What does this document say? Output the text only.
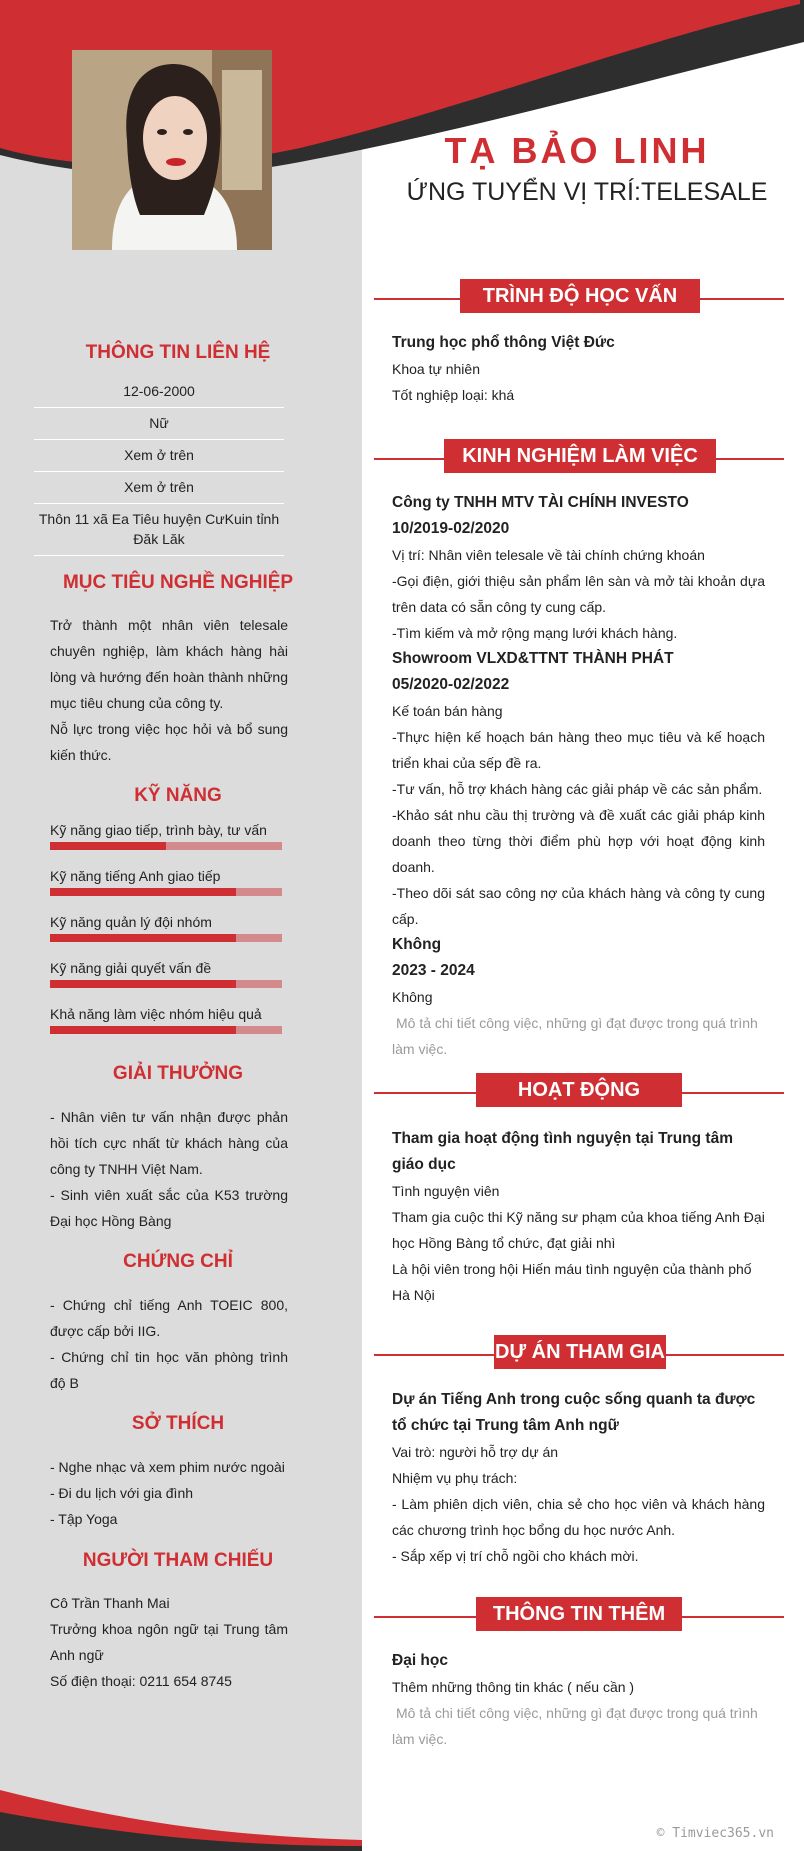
TẠ BẢO LINH
ỨNG TUYỂN VỊ TRÍ:TELESALE
THÔNG TIN LIÊN HỆ
12-06-2000
Nữ
Xem ở trên
Xem ở trên
Thôn 11 xã Ea Tiêu huyện CưKuin tỉnh Đăk Lăk
MỤC TIÊU NGHỀ NGHIỆP

Trở thành một nhân viên telesale chuyên nghiệp, làm khách hàng hài lòng và hướng đến hoàn thành những mục tiêu chung của công ty.

Nỗ lực trong việc học hỏi và bổ sung kiến thức.

KỸ NĂNG
Kỹ năng giao tiếp, trình bày, tư vấn
Kỹ năng tiếng Anh giao tiếp
Kỹ năng quản lý đội nhóm
Kỹ năng giải quyết vấn đề
Khả năng làm việc nhóm hiệu quả
GIẢI THƯỞNG

- Nhân viên tư vấn nhận được phản hồi tích cực nhất từ khách hàng của công ty TNHH Việt Nam.

- Sinh viên xuất sắc của K53 trường Đại học Hồng Bàng

CHỨNG CHỈ

- Chứng chỉ tiếng Anh TOEIC 800, được cấp bởi IIG.

- Chứng chỉ tin học văn phòng trình độ B

SỞ THÍCH

- Nghe nhạc và xem phim nước ngoài

- Đi du lịch với gia đình

- Tập Yoga

NGƯỜI THAM CHIẾU

Cô Trần Thanh Mai

Trưởng khoa ngôn ngữ tại Trung tâm Anh ngữ

Số điện thoại: 0211 654 8745

TRÌNH ĐỘ HỌC VẤN

Trung học phổ thông Việt Đức

Khoa tự nhiên

Tốt nghiệp loại: khá

KINH NGHIỆM LÀM VIỆC

Công ty TNHH MTV TÀI CHÍNH INVESTO

10/2019-02/2020

Vị trí: Nhân viên telesale về tài chính chứng khoán

-Gọi điện, giới thiệu sản phẩm lên sàn và mở tài khoản dựa trên data có sẵn công ty cung cấp.

-Tìm kiếm và mở rộng mạng lưới khách hàng.

Showroom VLXD&TTNT THÀNH PHÁT

05/2020-02/2022

Kế toán bán hàng

-Thực hiện kế hoạch bán hàng theo mục tiêu và kế hoạch triển khai của sếp đề ra.

-Tư vấn, hỗ trợ khách hàng các giải pháp về các sản phẩm.

-Khảo sát nhu cầu thị trường và đề xuất các giải pháp kinh doanh theo từng thời điểm phù hợp với hoạt động kinh doanh.

-Theo dõi sát sao công nợ của khách hàng và công ty cung cấp.

Không

2023 - 2024

Không

Mô tả chi tiết công việc, những gì đạt được trong quá trình làm việc.

HOẠT ĐỘNG

Tham gia hoạt động tình nguyện tại Trung tâm giáo dục

Tình nguyện viên

Tham gia cuộc thi Kỹ năng sư phạm của khoa tiếng Anh Đại học Hồng Bàng tổ chức, đạt giải nhì

Là hội viên trong hội Hiến máu tình nguyện của thành phố Hà Nội

DỰ ÁN THAM GIA

Dự án Tiếng Anh trong cuộc sống quanh ta được tổ chức tại Trung tâm Anh ngữ

Vai trò: người hỗ trợ dự án

Nhiệm vụ phụ trách:

- Làm phiên dịch viên, chia sẻ cho học viên và khách hàng các chương trình học bổng du học nước Anh.

- Sắp xếp vị trí chỗ ngồi cho khách mời.

THÔNG TIN THÊM

Đại học

Thêm những thông tin khác ( nếu cần )

Mô tả chi tiết công việc, những gì đạt được trong quá trình làm việc.

© Timviec365.vn
